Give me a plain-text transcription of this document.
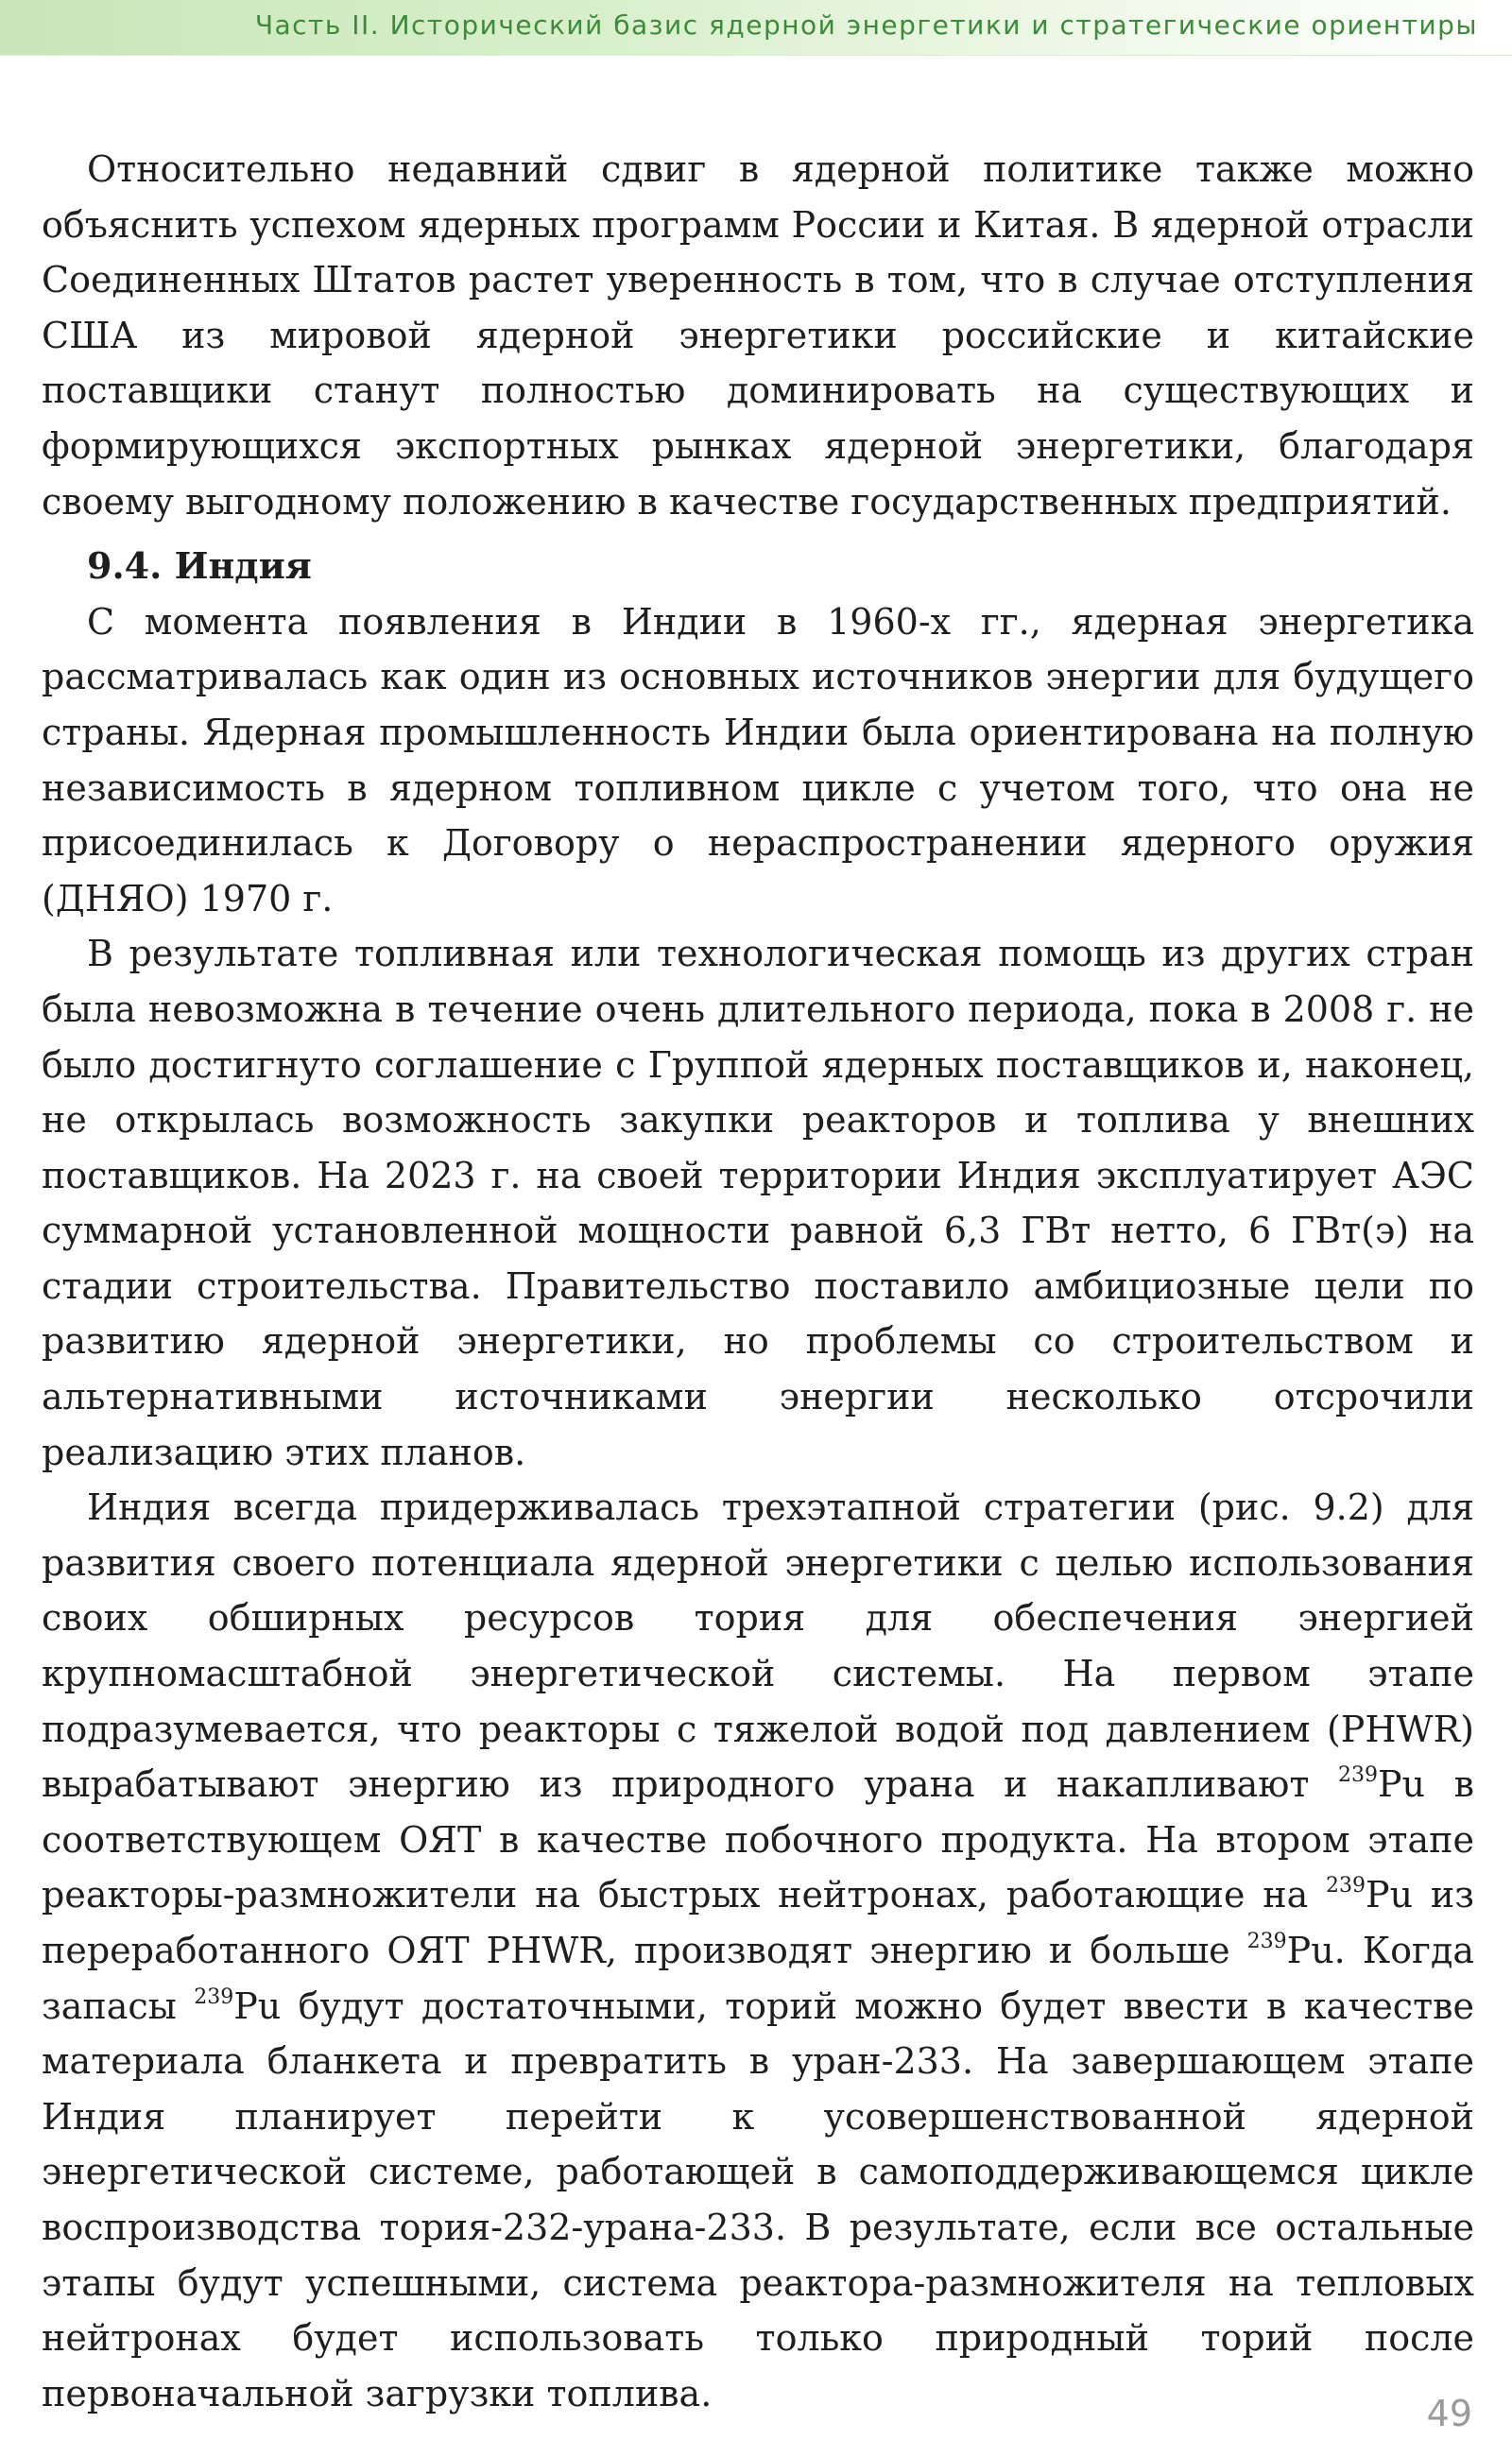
Часть II. Исторический базис ядерной энергетики и стратегические ориентиры

Относительно недавний сдвиг в ядерной политике также можно объяснить успехом ядерных программ России и Китая. В ядерной отрасли Соединенных Штатов растет уверенность в том, что в случае отступления США из мировой ядерной энергетики российские и китайские поставщики станут полностью доминировать на существующих и формирующихся экспортных рынках ядерной энергетики, благодаря своему выгодному положению в качестве государственных предприятий.

9.4. Индия

С момента появления в Индии в 1960-х гг., ядерная энергетика рассматривалась как один из основных источников энергии для будущего страны. Ядерная промышленность Индии была ориентирована на полную независимость в ядерном топливном цикле с учетом того, что она не присоединилась к Договору о нераспространении ядерного оружия (ДНЯО) 1970 г.

В результате топливная или технологическая помощь из других стран была невозможна в течение очень длительного периода, пока в 2008 г. не было достигнуто соглашение с Группой ядерных поставщиков и, наконец, не открылась возможность закупки реакторов и топлива у внешних поставщиков. На 2023 г. на своей территории Индия эксплуатирует АЭС суммарной установленной мощности равной 6,3 ГВт нетто, 6 ГВт(э) на стадии строительства. Правительство поставило амбициозные цели по развитию ядерной энергетики, но проблемы со строительством и альтернативными источниками энергии несколько отсрочили реализацию этих планов.

Индия всегда придерживалась трехэтапной стратегии (рис. 9.2) для развития своего потенциала ядерной энергетики с целью использования своих обширных ресурсов тория для обеспечения энергией крупномасштабной энергетической системы. На первом этапе подразумевается, что реакторы с тяжелой водой под давлением (PHWR) вырабатывают энергию из природного урана и накапливают $^{239}$Pu в соответствующем ОЯТ в качестве побочного продукта. На втором этапе реакторы-размножители на быстрых нейтронах, работающие на $^{239}$Pu из переработанного ОЯТ PHWR, производят энергию и больше $^{239}$Pu. Когда запасы $^{239}$Pu будут достаточными, торий можно будет ввести в качестве материала бланкета и превратить в уран-233. На завершающем этапе Индия планирует перейти к усовершенствованной ядерной энергетической системе, работающей в самоподдерживающемся цикле воспроизводства тория-232-урана-233. В результате, если все остальные этапы будут успешными, система реактора-размножителя на тепловых нейтронах будет использовать только природный торий после первоначальной загрузки топлива.	49
